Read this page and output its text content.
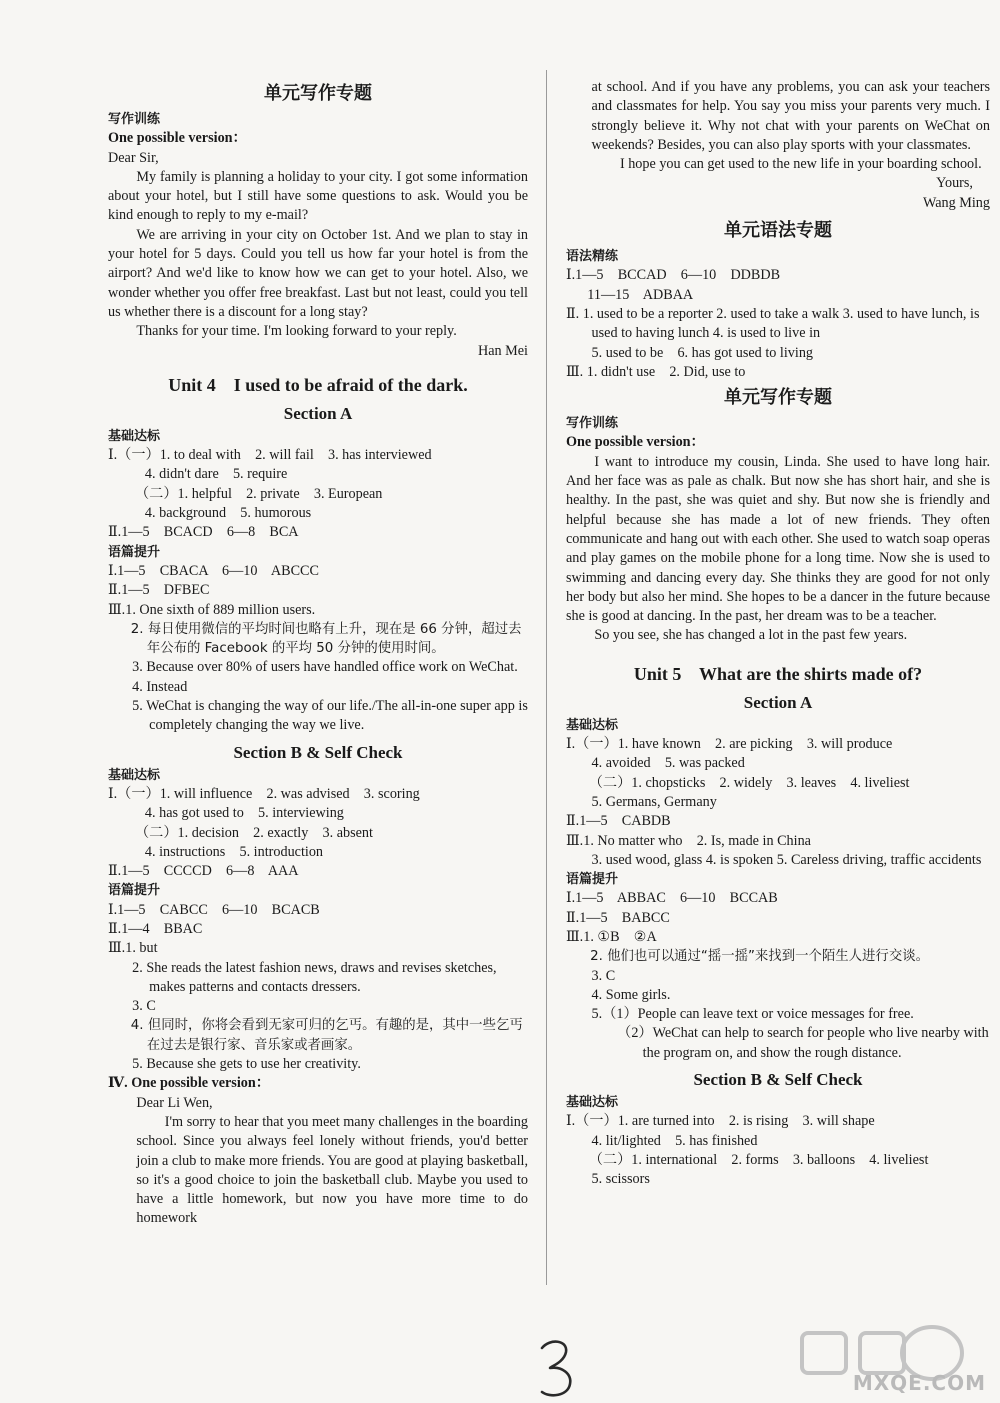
单元写作专题
写作训练
One possible version：

Dear Sir,

My family is planning a holiday to your city. I got some information about your hotel, but I still have some questions to ask. Would you be kind enough to reply to my e-mail?

We are arriving in your city on October 1st. And we plan to stay in your hotel for 5 days. Could you tell us how far your hotel is from the airport? And we'd like to know how we can get to your hotel. Also, we wonder whether you offer free breakfast. Last but not least, could you tell us whether there is a discount for a long stay?

Thanks for your time. I'm looking forward to your reply.

Han Mei

Unit 4    I used to be afraid of the dark.
Section A
基础达标
Ⅰ.（一）1. to deal with    2. will fail    3. has interviewed
4. didn't dare    5. require
（二）1. helpful    2. private    3. European
4. background    5. humorous
Ⅱ.1—5    BCACD    6—8    BCA
语篇提升
Ⅰ.1—5    CBACA    6—10    ABCCC
Ⅱ.1—5    DFBEC
Ⅲ.1. One sixth of 889 million users.
2. 每日使用微信的平均时间也略有上升，现在是 66 分钟，超过去年公布的 Facebook 的平均 50 分钟的使用时间。
3. Because over 80% of users have handled office work on WeChat.
4. Instead
5. WeChat is changing the way of our life./The all-in-one super app is completely changing the way we live.
Section B & Self Check
基础达标
Ⅰ.（一）1. will influence    2. was advised    3. scoring
4. has got used to    5. interviewing
（二）1. decision    2. exactly    3. absent
4. instructions    5. introduction
Ⅱ.1—5    CCCCD    6—8    AAA
语篇提升
Ⅰ.1—5    CABCC    6—10    BCACB
Ⅱ.1—4    BBAC
Ⅲ.1. but
2. She reads the latest fashion news, draws and revises sketches, makes patterns and contacts dressers.
3. C
4. 但同时，你将会看到无家可归的乞丐。有趣的是，其中一些乞丐在过去是银行家、音乐家或者画家。
5. Because she gets to use her creativity.
Ⅳ. One possible version：

Dear Li Wen,

I'm sorry to hear that you meet many challenges in the boarding school. Since you always feel lonely without friends, you'd better join a club to make more friends. You are good at playing basketball, so it's a good choice to join the basketball club. Maybe you used to have a little homework, but now you have more time to do homework

at school. And if you have any problems, you can ask your teachers and classmates for help. You say you miss your parents very much. I strongly believe it. Why not chat with your parents on WeChat on weekends? Besides, you can also play sports with your classmates.

I hope you can get used to the new life in your boarding school.

Yours,

Wang Ming

单元语法专题
语法精练
Ⅰ.1—5    BCCAD    6—10    DDBDB
11—15    ADBAA
Ⅱ. 1. used to be a reporter 2. used to take a walk 3. used to have lunch, is used to having lunch 4. is used to live in
5. used to be    6. has got used to living
Ⅲ. 1. didn't use    2. Did, use to
单元写作专题
写作训练
One possible version：

I want to introduce my cousin, Linda. She used to have long hair. And her face was as pale as chalk. But now she has short hair, and she is healthy. In the past, she was quiet and shy. But now she is friendly and helpful because she has made a lot of new friends. They often communicate and hang out with each other. She used to watch soap operas and play games on the mobile phone for a long time. Now she is used to swimming and dancing every day. She thinks they are good for not only her body but also her mind. She hopes to be a dancer in the future because she is good at dancing. In the past, her dream was to be a teacher.

So you see, she has changed a lot in the past few years.

Unit 5    What are the shirts made of?
Section A
基础达标
Ⅰ.（一）1. have known    2. are picking    3. will produce
4. avoided    5. was packed
（二）1. chopsticks    2. widely    3. leaves    4. liveliest
5. Germans, Germany
Ⅱ.1—5    CABDB
Ⅲ.1. No matter who    2. Is, made in China
3. used wood, glass 4. is spoken 5. Careless driving, traffic accidents
语篇提升
Ⅰ.1—5    ABBAC    6—10    BCCAB
Ⅱ.1—5    BABCC
Ⅲ.1. ①B    ②A
2. 他们也可以通过“摇一摇”来找到一个陌生人进行交谈。
3. C
4. Some girls.
5.（1）People can leave text or voice messages for free.
（2）WeChat can help to search for people who live nearby with the program on, and show the rough distance.
Section B & Self Check
基础达标
Ⅰ.（一）1. are turned into    2. is rising    3. will shape
4. lit/lighted    5. has finished
（二）1. international    2. forms    3. balloons    4. liveliest
5. scissors
MXQE.COM
